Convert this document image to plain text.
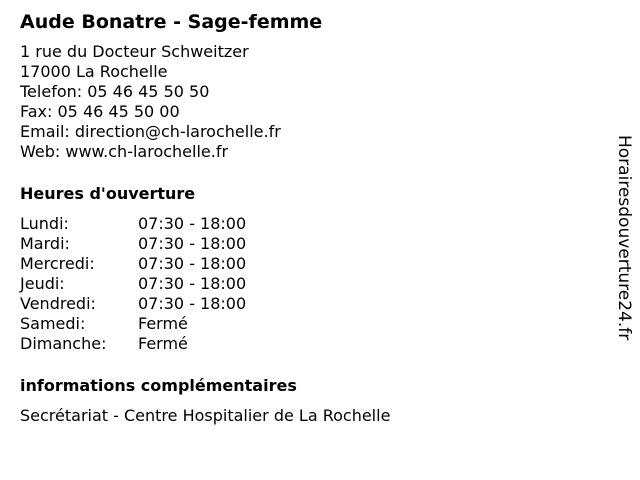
Aude Bonatre - Sage-femme
1 rue du Docteur Schweitzer
17000 La Rochelle
Telefon: 05 46 45 50 50
Fax: 05 46 45 50 00
Email: direction@ch-larochelle.fr
Web: www.ch-larochelle.fr
Heures d'ouverture
Lundi:	07:30 - 18:00
Mardi:	07:30 - 18:00
Mercredi:	07:30 - 18:00
Jeudi:	07:30 - 18:00
Vendredi:	07:30 - 18:00
Samedi:	Fermé
Dimanche:	Fermé
informations complémentaires
Secrétariat - Centre Hospitalier de La Rochelle
Horairesdouverture24.fr
